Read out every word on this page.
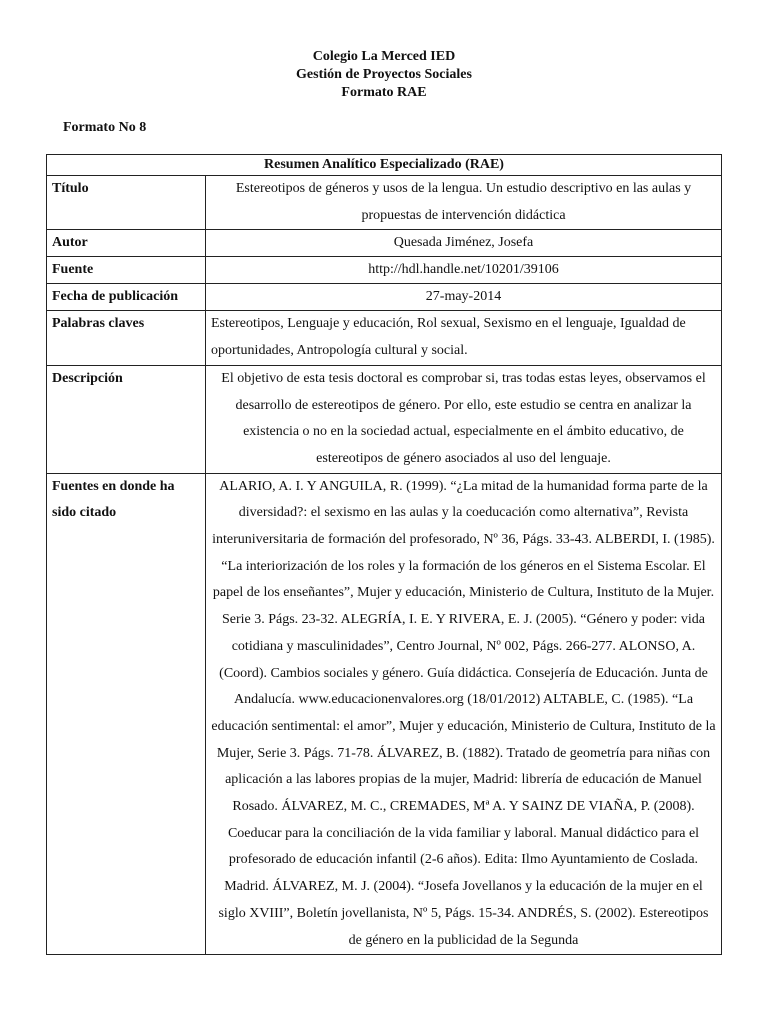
Colegio La Merced IED
Gestión de Proyectos Sociales
Formato RAE
Formato No 8
Resumen Analítico Especializado (RAE)	
Título	Estereotipos de géneros y usos de la lengua. Un estudio descriptivo en las aulas y propuestas de intervención didáctica
Autor	Quesada Jiménez, Josefa
Fuente	http://hdl.handle.net/10201/39106
Fecha de publicación	27-may-2014
Palabras claves	Estereotipos, Lenguaje y educación, Rol sexual, Sexismo en el lenguaje, Igualdad de oportunidades, Antropología cultural y social.
Descripción	El objetivo de esta tesis doctoral es comprobar si, tras todas estas leyes, observamos el desarrollo de estereotipos de género. Por ello, este estudio se centra en analizar la existencia o no en la sociedad actual, especialmente en el ámbito educativo, de estereotipos de género asociados al uso del lenguaje.
Fuentes en donde ha sido citado	ALARIO, A. I. Y ANGUILA, R. (1999). “¿La mitad de la humanidad forma parte de la diversidad?: el sexismo en las aulas y la coeducación como alternativa”, Revista interuniversitaria de formación del profesorado, Nº 36, Págs. 33-43. ALBERDI, I. (1985). “La interiorización de los roles y la formación de los géneros en el Sistema Escolar. El papel de los enseñantes”, Mujer y educación, Ministerio de Cultura, Instituto de la Mujer. Serie 3. Págs. 23-32. ALEGRÍA, I. E. Y RIVERA, E. J. (2005). “Género y poder: vida cotidiana y masculinidades”, Centro Journal, Nº 002, Págs. 266-277. ALONSO, A. (Coord). Cambios sociales y género. Guía didáctica. Consejería de Educación. Junta de Andalucía. www.educacionenvalores.org (18/01/2012) ALTABLE, C. (1985). “La educación sentimental: el amor”, Mujer y educación, Ministerio de Cultura, Instituto de la Mujer, Serie 3. Págs. 71-78. ÁLVAREZ, B. (1882). Tratado de geometría para niñas con aplicación a las labores propias de la mujer, Madrid: librería de educación de Manuel Rosado. ÁLVAREZ, M. C., CREMADES, Mª A. Y SAINZ DE VIAÑA, P. (2008). Coeducar para la conciliación de la vida familiar y laboral. Manual didáctico para el profesorado de educación infantil (2-6 años). Edita: Ilmo Ayuntamiento de Coslada. Madrid. ÁLVAREZ, M. J. (2004). “Josefa Jovellanos y la educación de la mujer en el siglo XVIII”, Boletín jovellanista, Nº 5, Págs. 15-34. ANDRÉS, S. (2002). Estereotipos de género en la publicidad de la Segunda
